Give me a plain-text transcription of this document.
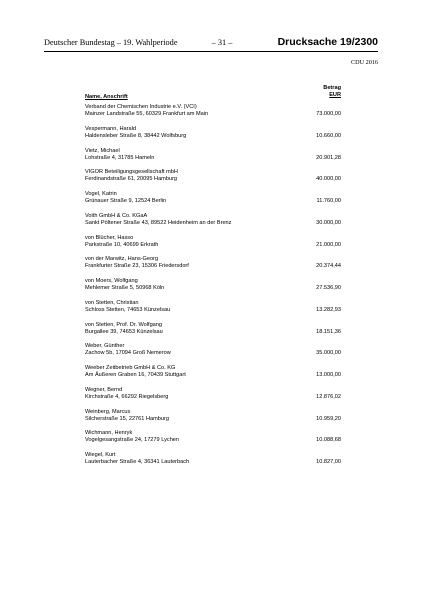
Deutscher Bundestag – 19. Wahlperiode	– 31 –	Drucksache 19/2300
CDU 2016
Name, Anschrift
Betrag
EUR
Verband der Chemischen Industrie e.V. (VCI)
Mainzer Landstraße 55, 60329 Frankfurt am Main	73.000,00
Vespermann, Harald
Haldensleber Straße 8, 38442 Wolfsburg	10.660,00
Vietz, Michael
Lohstraße 4, 31785 Hameln	20.901,28
VIGOR Beteiligungsgesellschaft mbH
Ferdinandstraße 61, 20095 Hamburg	40.000,00
Vogel, Katrin
Grünauer Straße 9, 12524 Berlin	11.760,00
Voith GmbH & Co. KGaA
Sankt Pöltener Straße 43, 89522 Heidenheim an der Brenz	30.000,00
von Blücher, Hasso
Parkstraße 10, 40699 Erkrath	21.000,00
von der Marwitz, Hans-Georg
Frankfurter Straße 23, 15306 Friedersdorf	20.374,44
von Moers, Wolfgang
Mehlemer Straße 5, 50968 Köln	27.536,90
von Stetten, Christian
Schloss Stetten, 74653 Künzelsau	13.282,93
von Stetten, Prof. Dr. Wolfgang
Burgallee 39, 74653 Künzelsau	18.151,36
Weber, Günther
Zachow 5b, 17094 Groß Nemerow	35.000,00
Weeber Zeitbetrieb GmbH & Co. KG
Am Äußeren Graben 16, 70439 Stuttgart	13.000,00
Wegner, Bernd
Kirchstraße 4, 66292 Riegelsberg	12.876,02
Weinberg, Marcus
Silcherstraße 15, 22761 Hamburg	10.959,20
Wichmann, Henryk
Vogelgesangstraße 24, 17279 Lychen	10.088,68
Wiegel, Kurt
Lauterbacher Straße 4, 36341 Lauterbach	10.827,00
